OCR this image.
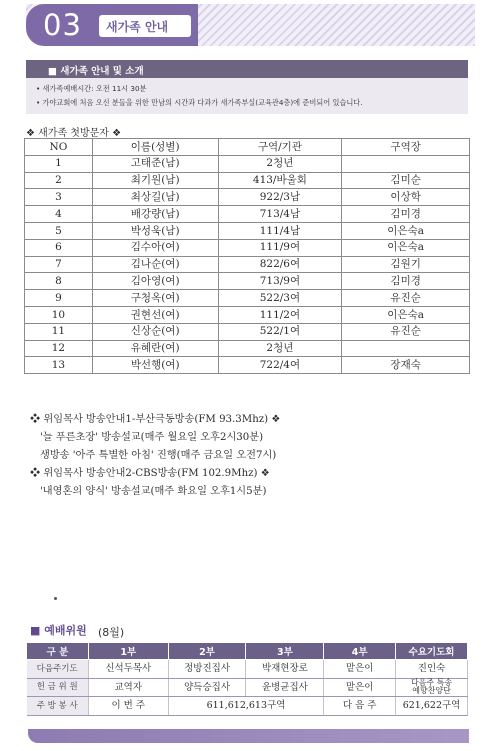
03 새가족 안내
■ 새가족 안내 및 소개
• 새가족예배시간: 오전 11시 30분
• 가야교회에 처음 오신 분들을 위한 만남의 시간과 다과가 새가족부실(교육관4층)에 준비되어 있습니다.
❖ 새가족 첫방문자 ❖
NO	이름(성별)	구역/기관	구역장
1	고태준(남)	2청년	
2	최기원(남)	413/바울회	김미순
3	최상길(남)	922/3남	이상학
4	배강량(남)	713/4남	김미경
5	박성욱(남)	111/4남	이은숙a
6	김수아(여)	111/9여	이은숙a
7	김나순(여)	822/6여	김원기
8	김아영(여)	713/9여	김미경
9	구청옥(여)	522/3여	유진순
10	권현선(여)	111/2여	이은숙a
11	신상순(여)	522/1여	유진순
12	유혜란(여)	2청년	
13	박선행(여)	722/4여	장재숙
❖ 위임목사 방송안내1-부산극동방송(FM 93.3Mhz) ❖
'늘 푸른초장' 방송설교(매주 월요일 오후2시30분)
생방송 '아주 특별한 아침' 진행(매주 금요일 오전7시)
❖ 위임목사 방송안내2-CBS방송(FM 102.9Mhz) ❖
'내영혼의 양식' 방송설교(매주 화요일 오후1시5분)
■ 예배위원 (8월)
구 분	1부	2부	3부	4부	수요기도회
다음주기도	신석두목사	정방진집사	박재현장로	맡은이	진인숙
헌 금 위 원	교역자	양득승집사	윤병균집사	맡은이	다음주 특송
예향찬양단

주 방 봉 사	이 번 주	611,612,613구역		다 음 주	621,622구역
